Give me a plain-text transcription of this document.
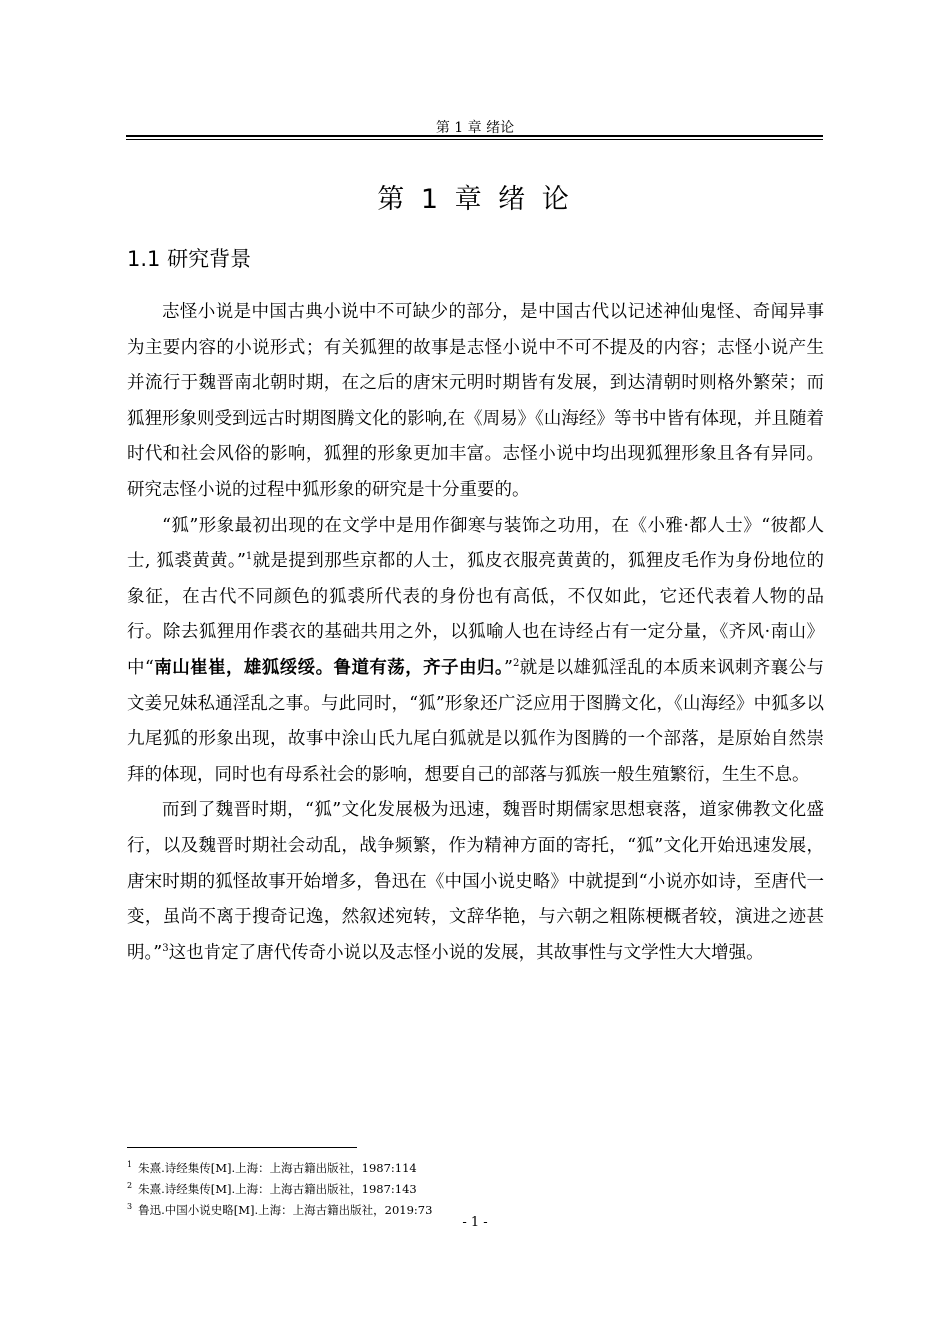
第 1 章 绪论
第 1 章 绪 论
1.1 研究背景

志怪小说是中国古典小说中不可缺少的部分，是中国古代以记述神仙鬼怪、奇闻异事为主要内容的小说形式；有关狐狸的故事是志怪小说中不可不提及的内容；志怪小说产生并流行于魏晋南北朝时期，在之后的唐宋元明时期皆有发展，到达清朝时则格外繁荣；而狐狸形象则受到远古时期图腾文化的影响,在《周易》《山海经》等书中皆有体现，并且随着时代和社会风俗的影响，狐狸的形象更加丰富。志怪小说中均出现狐狸形象且各有异同。研究志怪小说的过程中狐形象的研究是十分重要的。

“狐”形象最初出现的在文学中是用作御寒与装饰之功用，在《小雅·都人士》“彼都人士, 狐裘黄黄。”$^1$就是提到那些京都的人士，狐皮衣服亮黄黄的，狐狸皮毛作为身份地位的象征，在古代不同颜色的狐裘所代表的身份也有高低，不仅如此，它还代表着人物的品行。除去狐狸用作裘衣的基础共用之外，以狐喻人也在诗经占有一定分量，《齐风·南山》中“南山崔崔，雄狐绥绥。鲁道有荡，齐子由归。”$^2$就是以雄狐淫乱的本质来讽刺齐襄公与文姜兄妹私通淫乱之事。与此同时，“狐”形象还广泛应用于图腾文化，《山海经》中狐多以九尾狐的形象出现，故事中涂山氏九尾白狐就是以狐作为图腾的一个部落，是原始自然崇拜的体现，同时也有母系社会的影响，想要自己的部落与狐族一般生殖繁衍，生生不息。

而到了魏晋时期，“狐”文化发展极为迅速，魏晋时期儒家思想衰落，道家佛教文化盛行，以及魏晋时期社会动乱，战争频繁，作为精神方面的寄托，“狐”文化开始迅速发展，唐宋时期的狐怪故事开始增多，鲁迅在《中国小说史略》中就提到“小说亦如诗，至唐代一变，虽尚不离于搜奇记逸，然叙述宛转，文辞华艳，与六朝之粗陈梗概者较，演进之迹甚明。”$^3$这也肯定了唐代传奇小说以及志怪小说的发展，其故事性与文学性大大增强。

$^1$ 朱熹.诗经集传[M].上海：上海古籍出版社，1987:114
$^2$ 朱熹.诗经集传[M].上海：上海古籍出版社，1987:143
$^3$ 鲁迅.中国小说史略[M].上海：上海古籍出版社，2019:73
- 1 -
